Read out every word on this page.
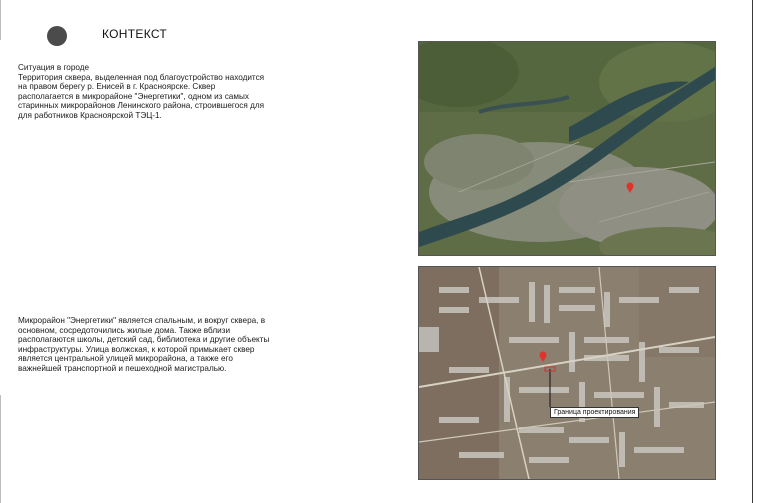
КОНТЕКСТ
Ситуация в городе
Территория сквера, выделенная под благоустройство находится
на правом берегу р. Енисей в г. Красноярске. Сквер
располагается в микрорайоне "Энергетики", одном из самых
старинных микрорайонов Ленинского района, строившегося для
для работников Красноярской ТЭЦ-1.
Микрорайон "Энергетики" является спальным, и вокруг сквера, в
основном, сосредоточились жилые дома. Также вблизи
располагаются школы, детский сад, библиотека и другие объекты
инфраструктуры. Улица волжская, к которой примыкает сквер
является центральной улицей микрорайона, а также его
важнейшей транспортной и пешеходной магистралью.
Граница проектирования
